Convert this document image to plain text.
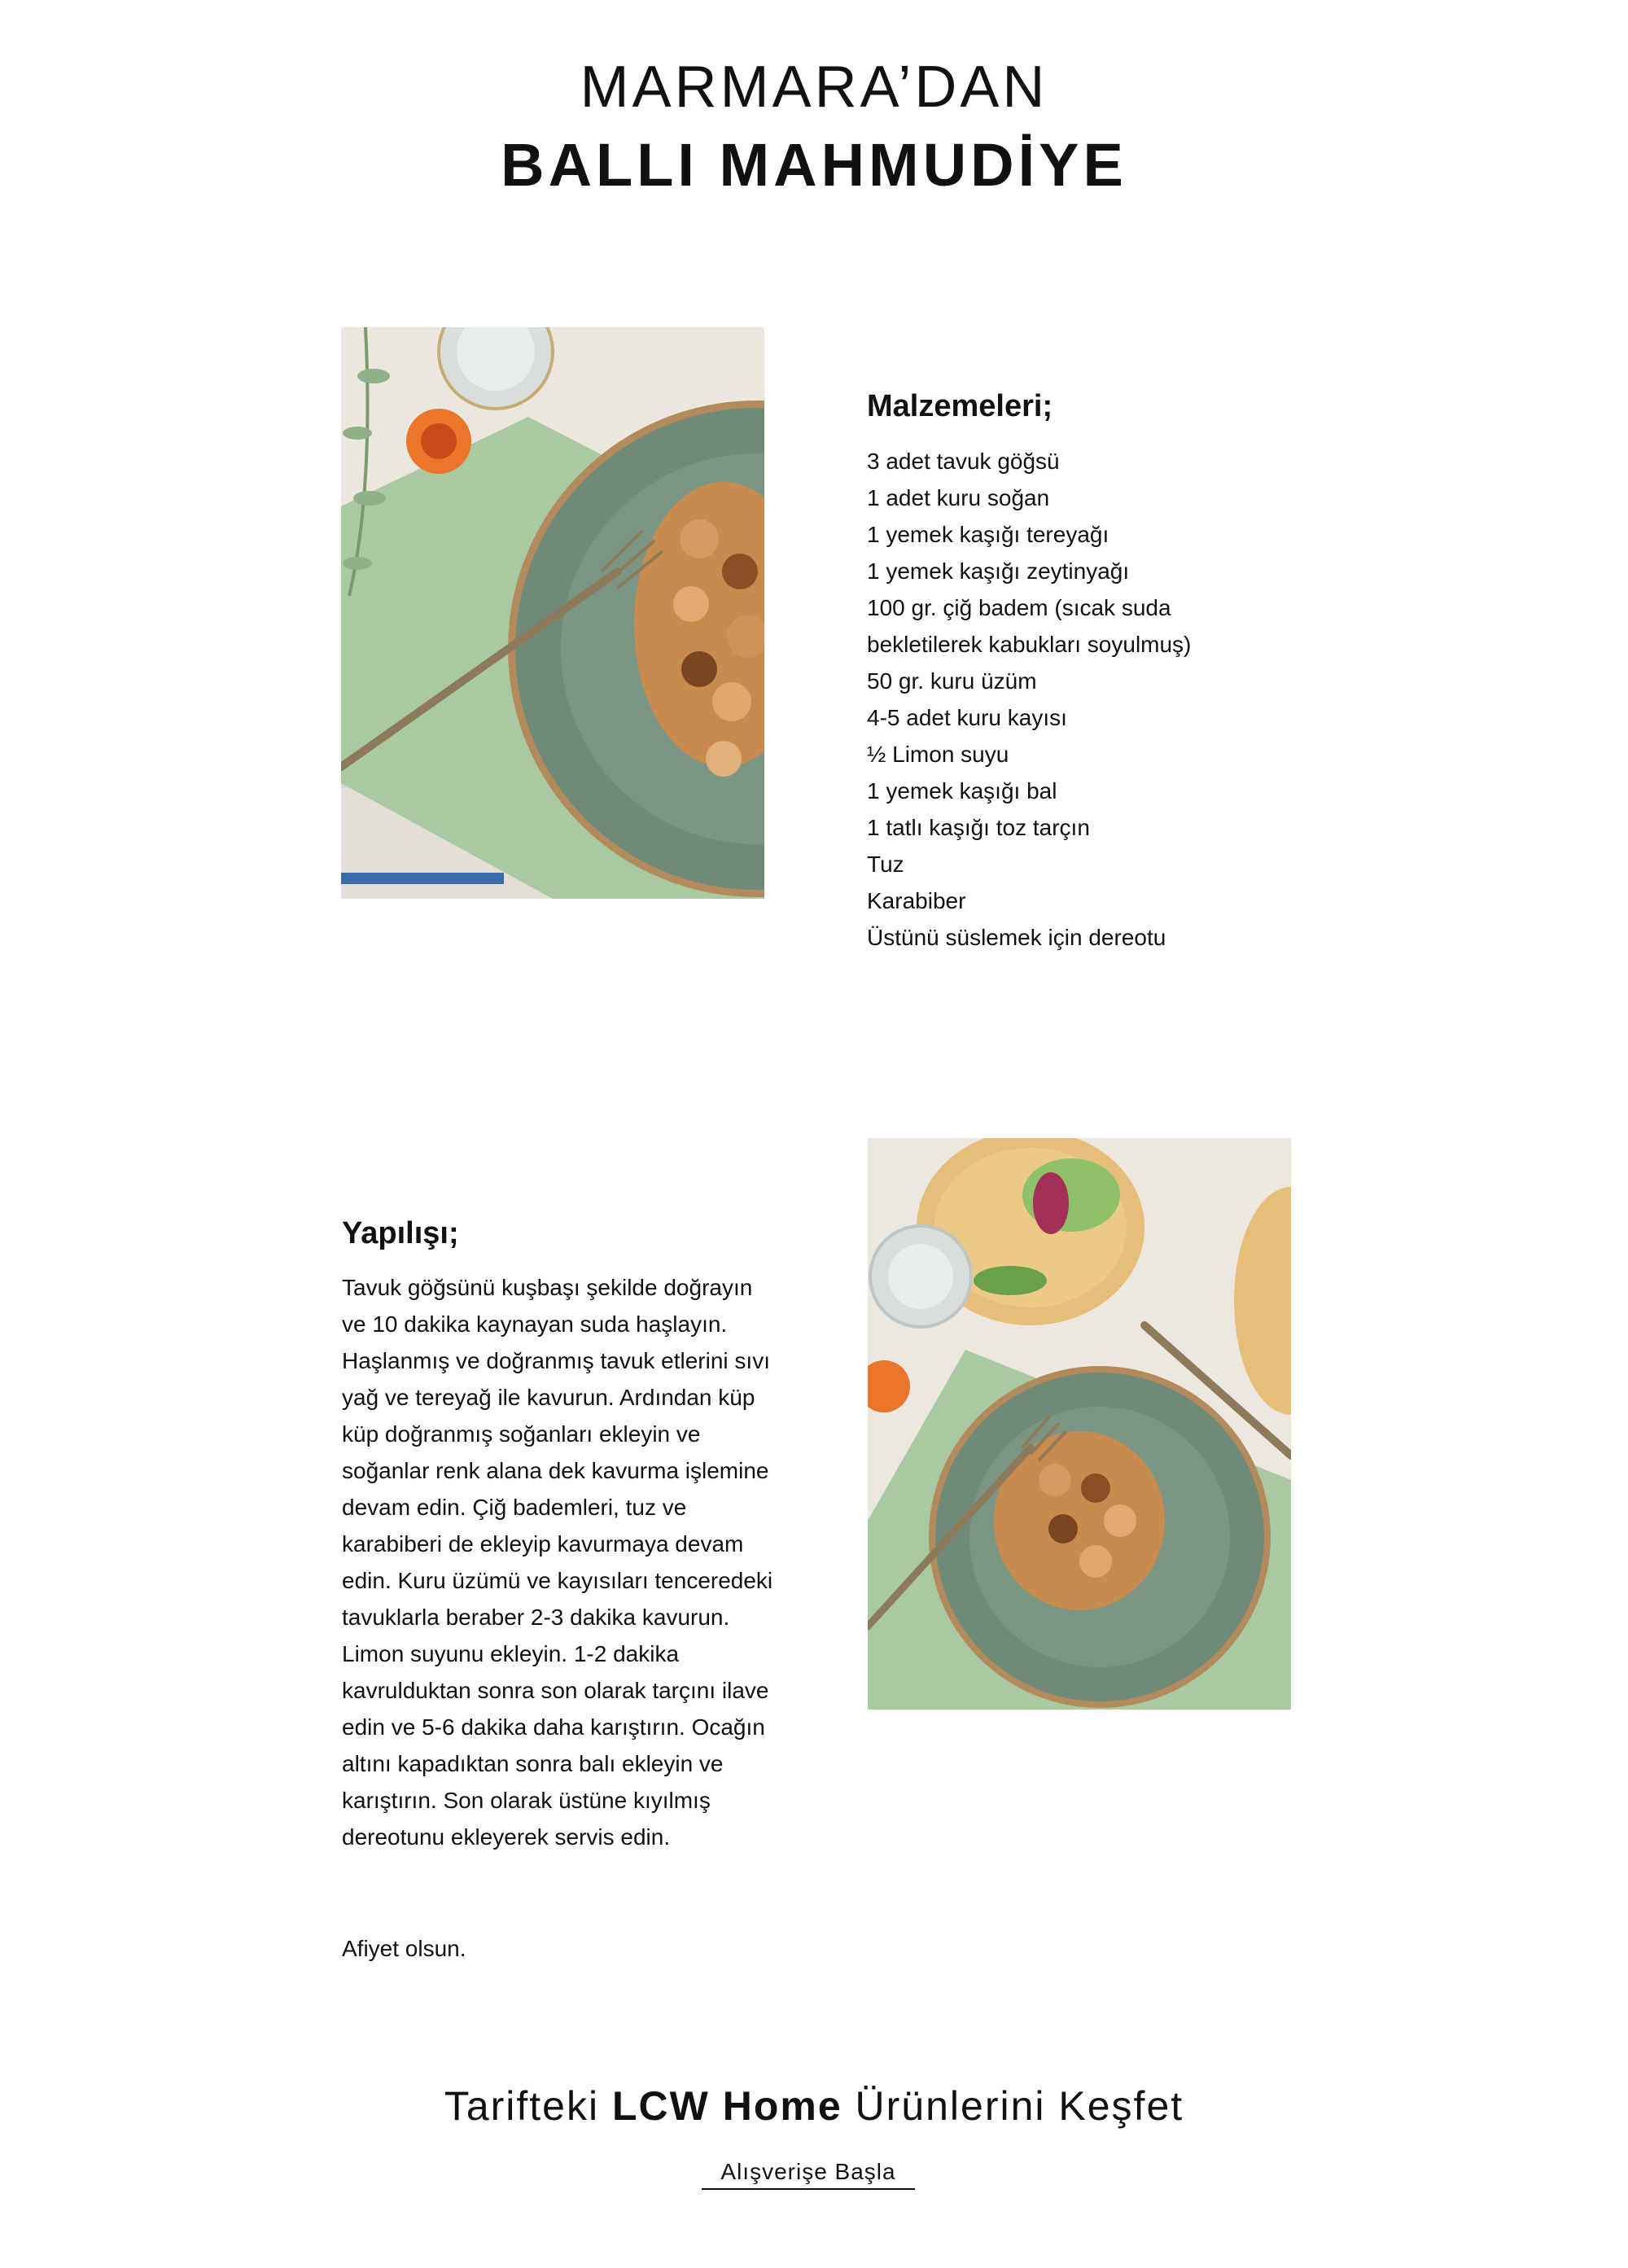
MARMARA’DAN
BALLI MAHMUDİYE
Malzemeleri;
3 adet tavuk göğsü
1 adet kuru soğan
1 yemek kaşığı tereyağı
1 yemek kaşığı zeytinyağı
100 gr. çiğ badem (sıcak suda
bekletilerek kabukları soyulmuş)
50 gr. kuru üzüm
4-5 adet kuru kayısı
½ Limon suyu
1 yemek kaşığı bal
1 tatlı kaşığı toz tarçın
Tuz
Karabiber
Üstünü süslemek için dereotu
Yapılışı;

Tavuk göğsünü kuşbaşı şekilde doğrayın ve 10 dakika kaynayan suda haşlayın. Haşlanmış ve doğranmış tavuk etlerini sıvı yağ ve tereyağ ile kavurun. Ardından küp küp doğranmış soğanları ekleyin ve soğanlar renk alana dek kavurma işlemine devam edin. Çiğ bademleri, tuz ve karabiberi de ekleyip kavurmaya devam edin. Kuru üzümü ve kayısıları tenceredeki tavuklarla beraber 2-3 dakika kavurun. Limon suyunu ekleyin. 1-2 dakika kavrulduktan sonra son olarak tarçını ilave edin ve 5-6 dakika daha karıştırın. Ocağın altını kapadıktan sonra balı ekleyin ve karıştırın. Son olarak üstüne kıyılmış dereotunu ekleyerek servis edin.

Afiyet olsun.

Tarifteki LCW Home Ürünlerini Keşfet
Alışverişe Başla
